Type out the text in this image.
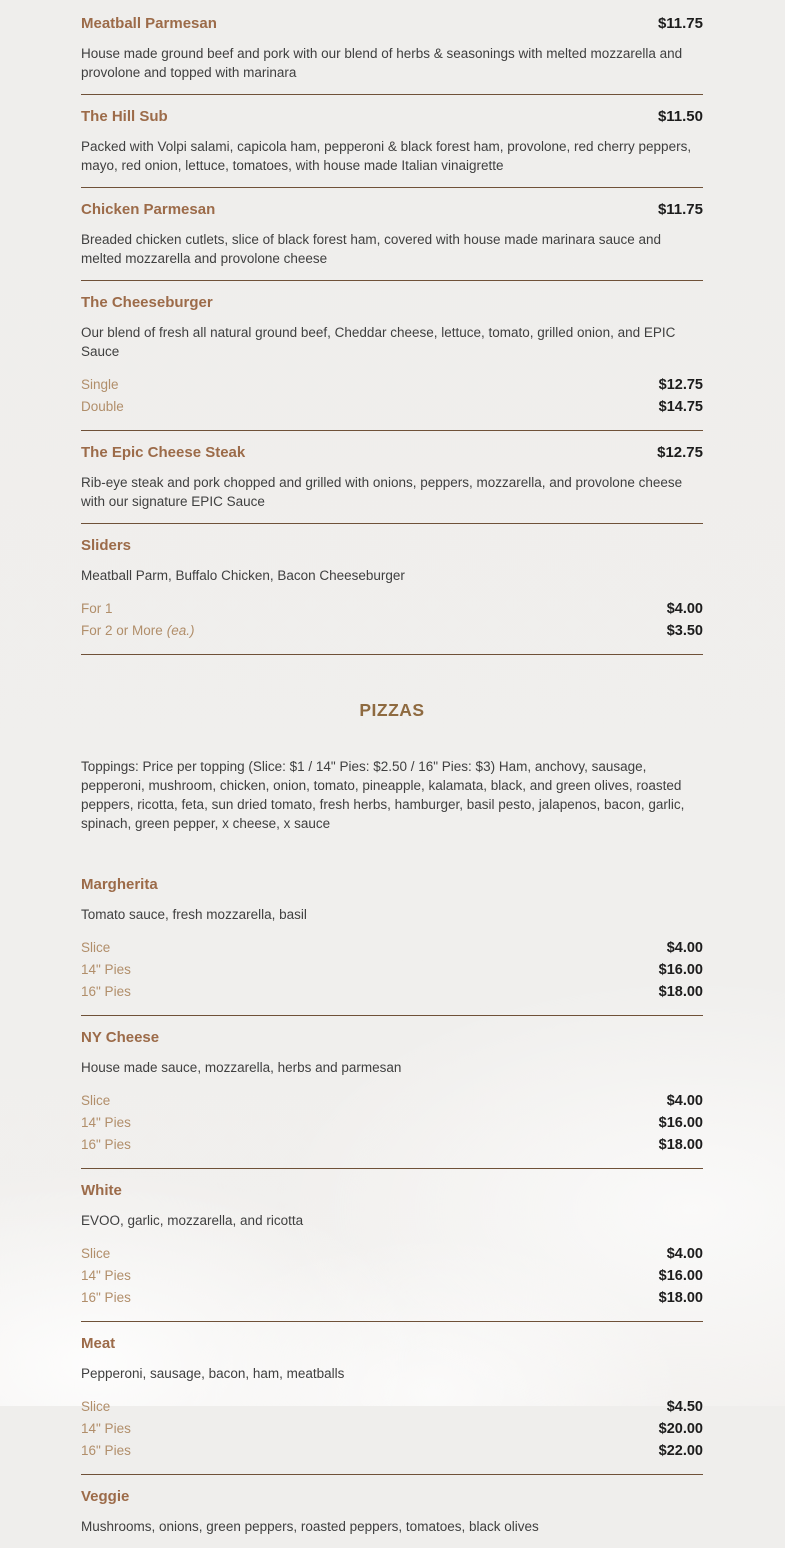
Meatball Parmesan	$11.75

House made ground beef and pork with our blend of herbs & seasonings with melted mozzarella and provolone and topped with marinara

The Hill Sub	$11.50

Packed with Volpi salami, capicola ham, pepperoni & black forest ham, provolone, red cherry peppers, mayo, red onion, lettuce, tomatoes, with house made Italian vinaigrette

Chicken Parmesan	$11.75

Breaded chicken cutlets, slice of black forest ham, covered with house made marinara sauce and melted mozzarella and provolone cheese

The Cheeseburger

Our blend of fresh all natural ground beef, Cheddar cheese, lettuce, tomato, grilled onion, and EPIC Sauce

Single	$12.75
Double	$14.75
The Epic Cheese Steak	$12.75

Rib-eye steak and pork chopped and grilled with onions, peppers, mozzarella, and provolone cheese with our signature EPIC Sauce

Sliders

Meatball Parm, Buffalo Chicken, Bacon Cheeseburger

For 1	$4.00
For 2 or More (ea.)	$3.50
PIZZAS

Toppings: Price per topping (Slice: $1 / 14" Pies: $2.50 / 16" Pies: $3) Ham, anchovy, sausage, pepperoni, mushroom, chicken, onion, tomato, pineapple, kalamata, black, and green olives, roasted peppers, ricotta, feta, sun dried tomato, fresh herbs, hamburger, basil pesto, jalapenos, bacon, garlic, spinach, green pepper, x cheese, x sauce

Margherita

Tomato sauce, fresh mozzarella, basil

Slice	$4.00
14" Pies	$16.00
16" Pies	$18.00
NY Cheese

House made sauce, mozzarella, herbs and parmesan

Slice	$4.00
14" Pies	$16.00
16" Pies	$18.00
White

EVOO, garlic, mozzarella, and ricotta

Slice	$4.00
14" Pies	$16.00
16" Pies	$18.00
Meat

Pepperoni, sausage, bacon, ham, meatballs

Slice	$4.50
14" Pies	$20.00
16" Pies	$22.00
Veggie

Mushrooms, onions, green peppers, roasted peppers, tomatoes, black olives
